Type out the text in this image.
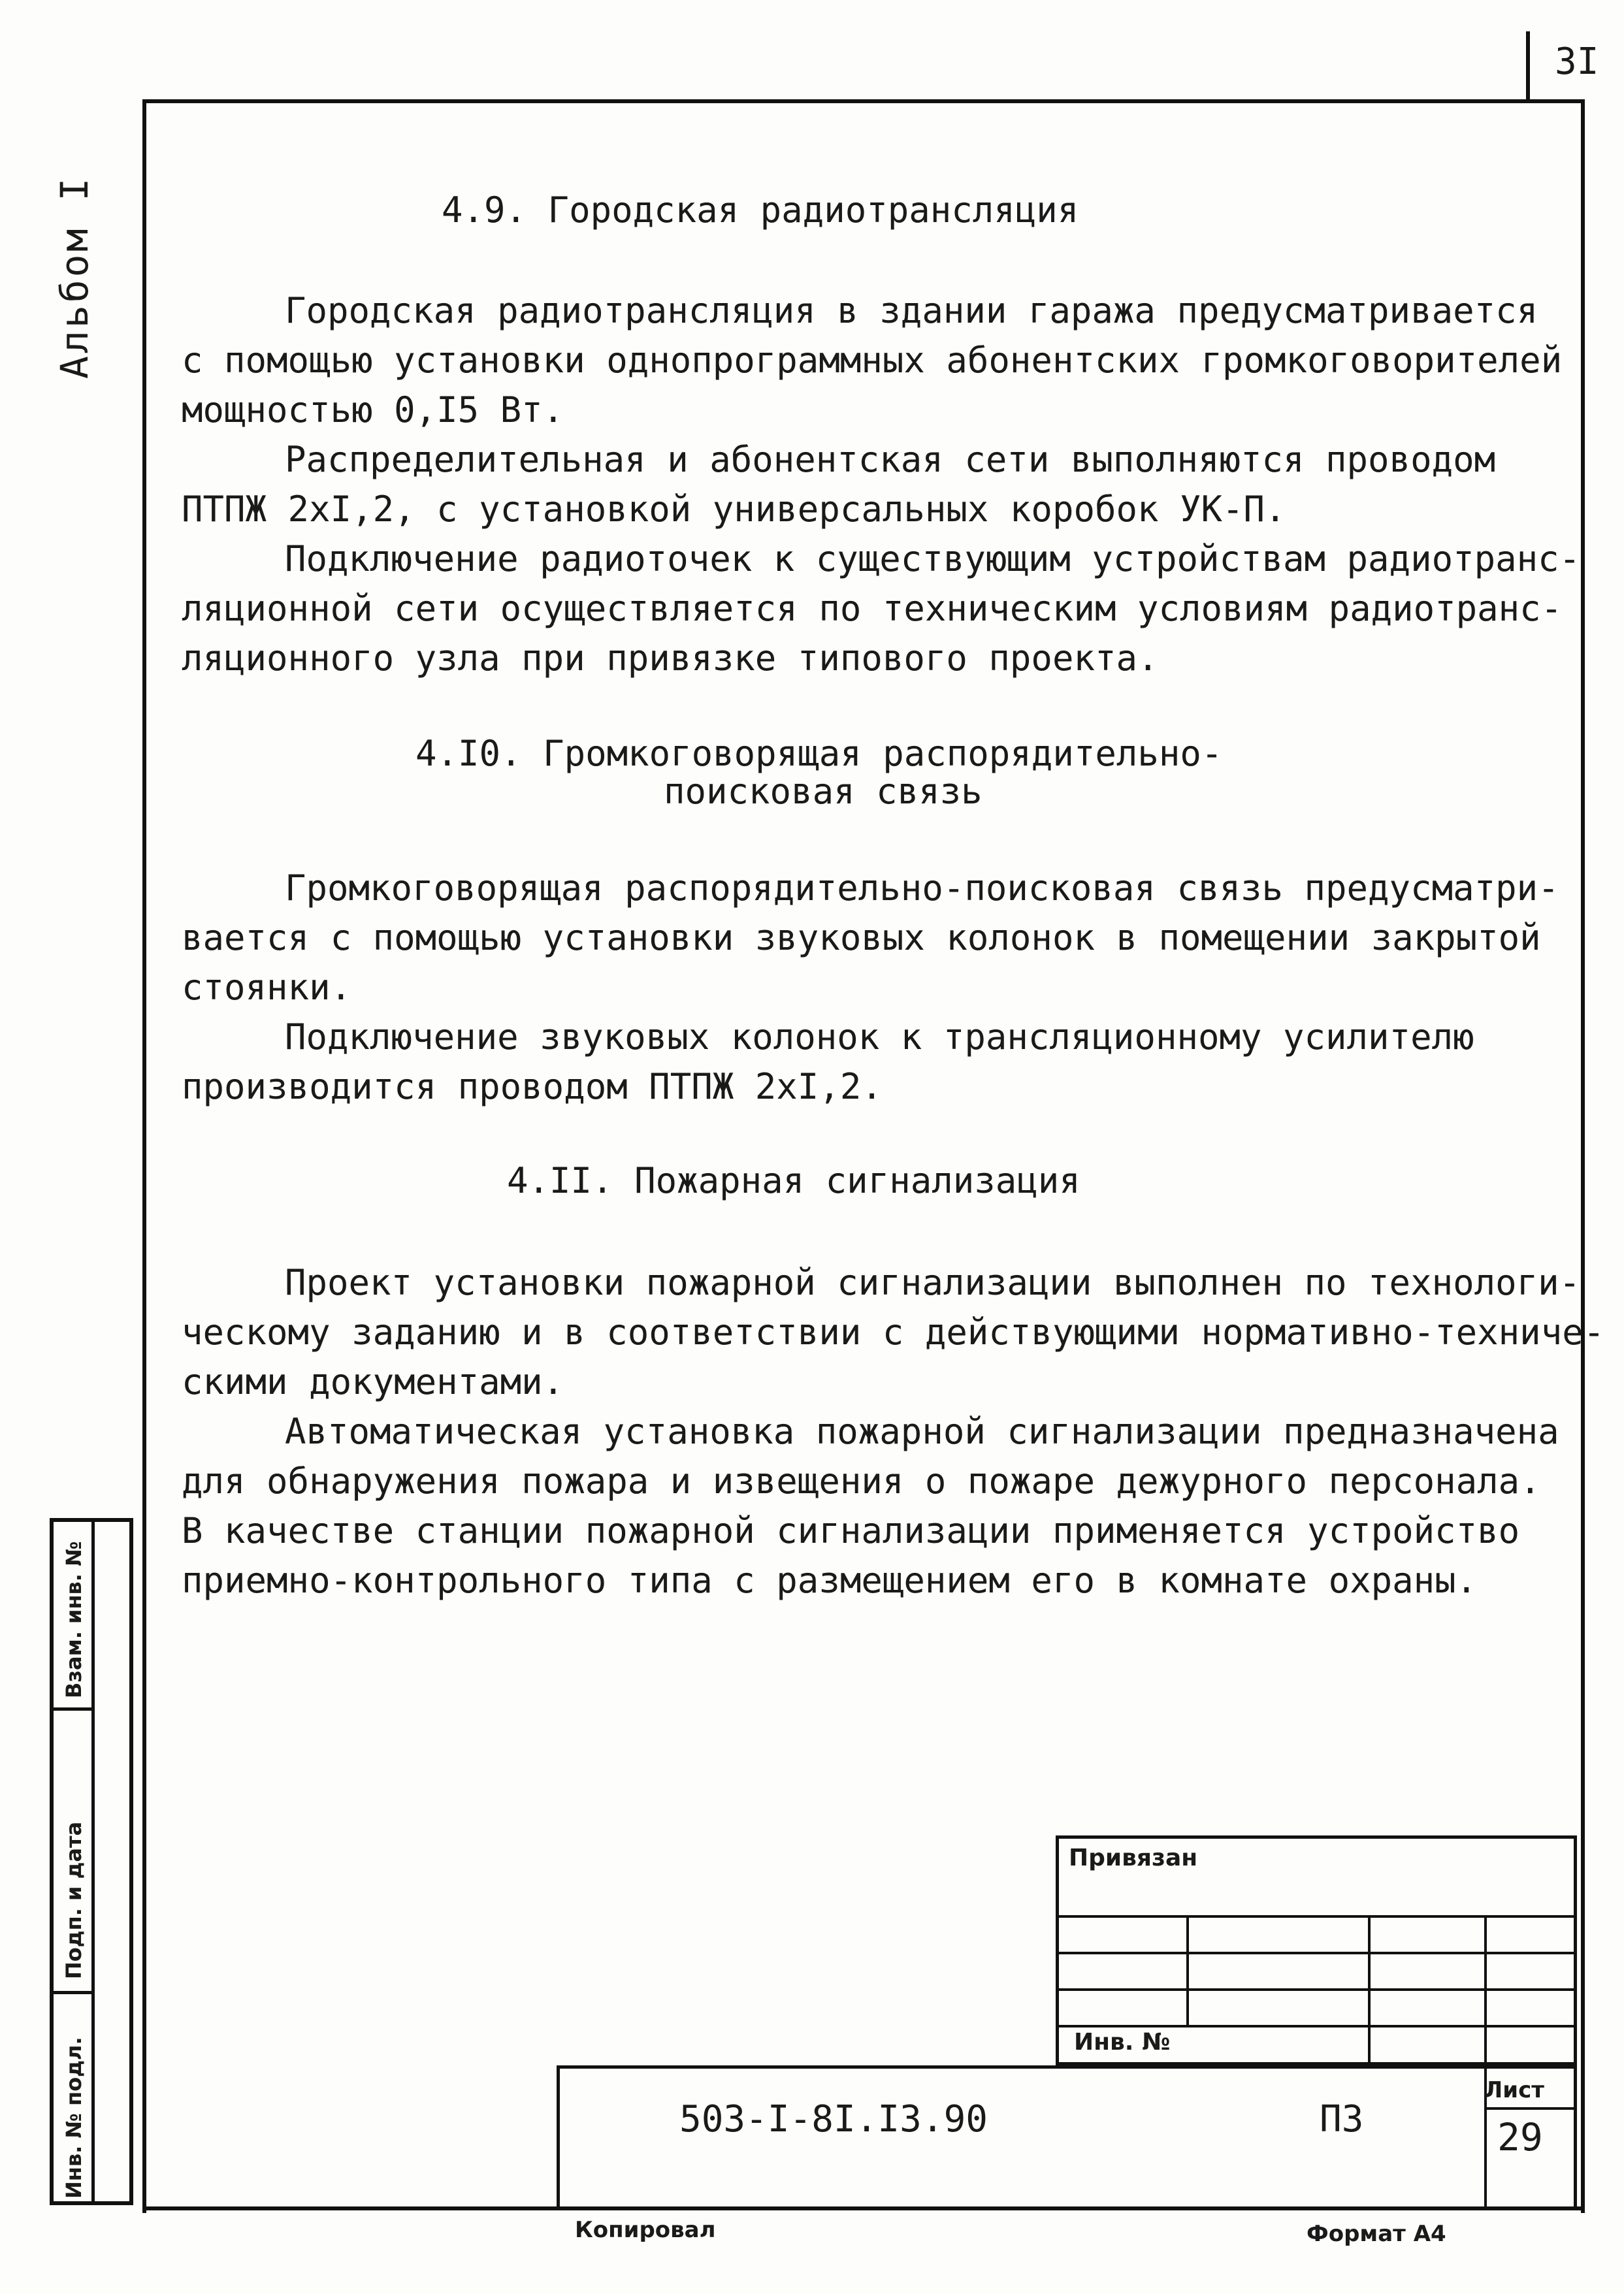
3I
Альбом I	4.9. Городская радиотрансляция
Городская радиотрансляция в здании гаража предусматривается
с помощью установки однопрограммных абонентских громкоговорителей
мощностью 0,I5 Вт.
Распределительная и абонентская сети выполняются проводом
ПТПЖ 2хI,2, с установкой универсальных коробок УК-П.
Подключение радиоточек к существующим устройствам радиотранс-
ляционной сети осуществляется по техническим условиям радиотранс-
ляционного узла при привязке типового проекта.
4.I0. Громкоговорящая распорядительно-
поисковая связь
Громкоговорящая распорядительно-поисковая связь предусматри-
вается с помощью установки звуковых колонок в помещении закрытой
стоянки.
Подключение звуковых колонок к трансляционному усилителю
производится проводом ПТПЖ 2хI,2.
4.II. Пожарная сигнализация
Проект установки пожарной сигнализации выполнен по технологи-
ческому заданию и в соответствии с действующими нормативно-техниче-
скими документами.
Автоматическая установка пожарной сигнализации предназначена
для обнаружения пожара и извещения о пожаре дежурного персонала.
В качестве станции пожарной сигнализации применяется устройство
приемно-контрольного типа с размещением его в комнате охраны.
Взам. инв. №
Подп. и дата
Инв. № подл.
Привязан
Инв. №
503-I-8I.I3.90	ПЗ
Лист
29
Копировал	Формат А4
